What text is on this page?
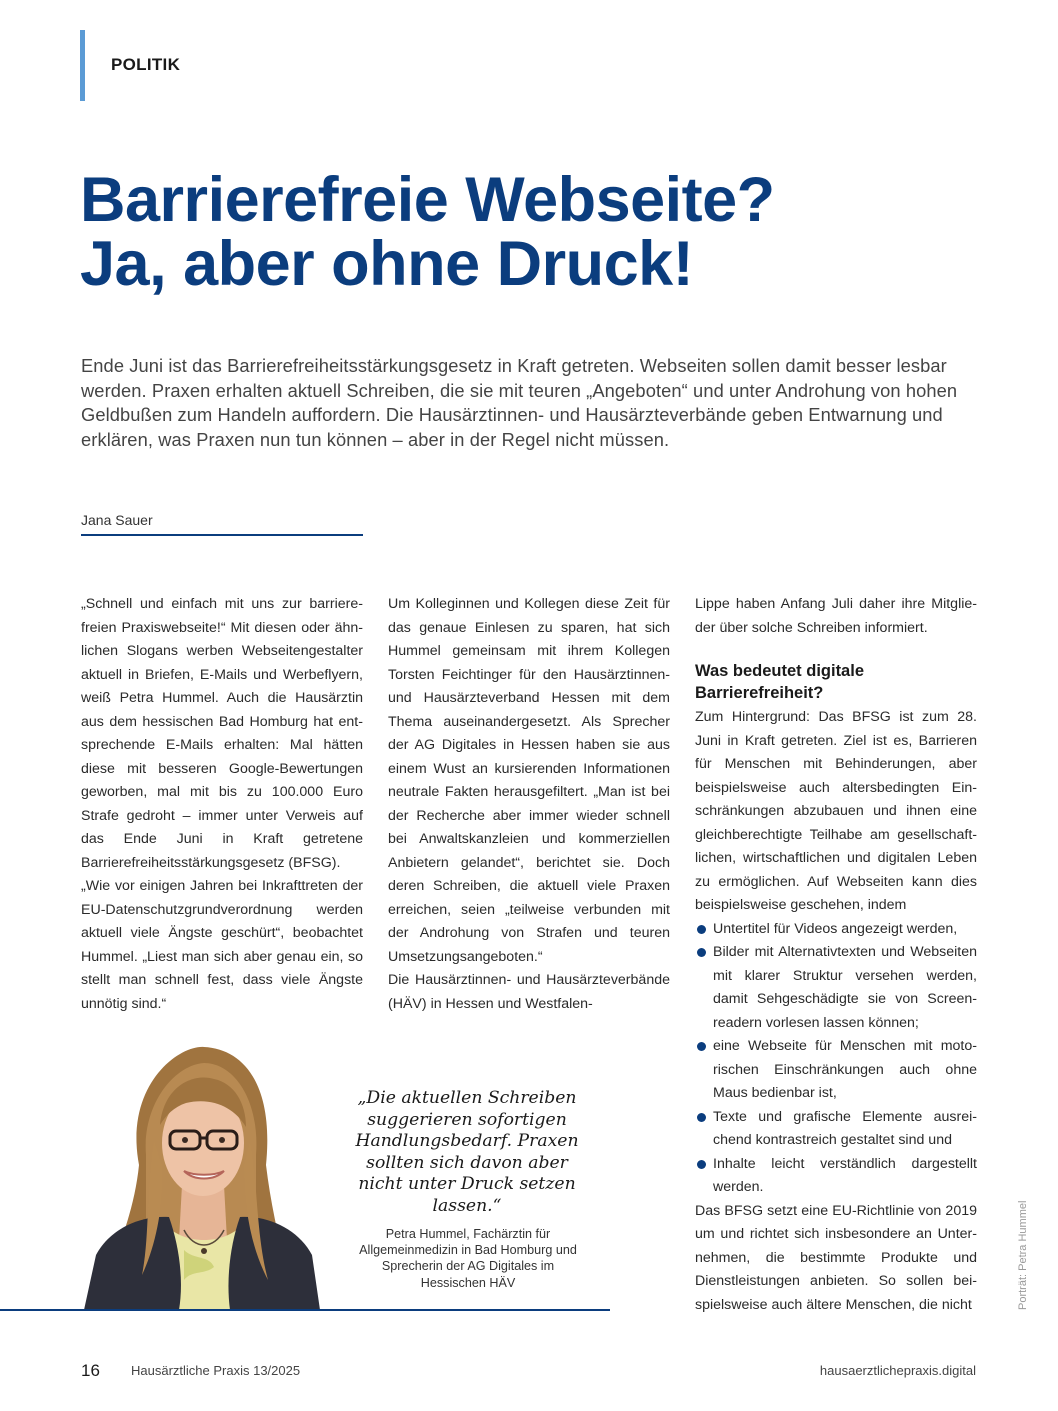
POLITIK

Barrierefreie Webseite?
Ja, aber ohne Druck!

Ende Juni ist das Barrierefreiheitsstärkungsgesetz in Kraft getreten. Webseiten sollen damit besser lesbar werden. Praxen erhalten aktuell Schreiben, die sie mit teuren „Angeboten“ und unter Androhung von hohen Geldbußen zum Handeln auffordern. Die Hausärztinnen- und Hausärzteverbände geben Entwarnung und erklären, was Praxen nun tun können – aber in der Regel nicht müssen.

Jana Sauer

„Schnell und einfach mit uns zur barrierefreien Praxiswebseite!“ Mit diesen oder ähnlichen Slogans werben Webseitengestalter aktuell in Briefen, E-Mails und Werbeflyern, weiß Petra Hummel. Auch die Hausärztin aus dem hessischen Bad Homburg hat entsprechende E-Mails erhalten: Mal hätten diese mit besseren Google-Bewertungen geworben, mal mit bis zu 100.000 Euro Strafe gedroht – immer unter Verweis auf das Ende Juni in Kraft getretene Barrierefreiheitsstärkungsgesetz (BFSG).

„Wie vor einigen Jahren bei Inkrafttreten der EU-Datenschutzgrundverordnung werden aktuell viele Ängste geschürt“, beobachtet Hummel. „Liest man sich aber genau ein, so stellt man schnell fest, dass viele Ängste unnötig sind.“

Um Kolleginnen und Kollegen diese Zeit für das genaue Einlesen zu sparen, hat sich Hummel gemeinsam mit ihrem Kollegen Torsten Feichtinger für den Hausärztinnen- und Hausärzteverband Hessen mit dem Thema auseinandergesetzt. Als Sprecher der AG Digitales in Hessen haben sie aus einem Wust an kursierenden Informationen neutrale Fakten herausgefiltert. „Man ist bei der Recherche aber immer wieder schnell bei Anwaltskanzleien und kommerziellen Anbietern gelandet“, berichtet sie. Doch deren Schreiben, die aktuell viele Praxen erreichen, seien „teilweise verbunden mit der Androhung von Strafen und teuren Umsetzungsangeboten.“

Die Hausärztinnen- und Hausärzteverbände (HÄV) in Hessen und Westfalen-

Lippe haben Anfang Juli daher ihre Mitglieder über solche Schreiben informiert.

Was bedeutet digitale Barrierefreiheit?

Zum Hintergrund: Das BFSG ist zum 28. Juni in Kraft getreten. Ziel ist es, Barrieren für Menschen mit Behinderungen, aber beispielsweise auch altersbedingten Einschränkungen abzubauen und ihnen eine gleichberechtigte Teilhabe am gesellschaftlichen, wirtschaftlichen und digitalen Leben zu ermöglichen. Auf Webseiten kann dies beispielsweise geschehen, indem

Untertitel für Videos angezeigt werden,
Bilder mit Alternativtexten und Webseiten mit klarer Struktur versehen werden, damit Sehgeschädigte sie von Screenreadern vorlesen lassen können;
eine Webseite für Menschen mit motorischen Einschränkungen auch ohne Maus bedienbar ist,
Texte und grafische Elemente ausreichend kontrastreich gestaltet sind und
Inhalte leicht verständlich dargestellt werden.

Das BFSG setzt eine EU-Richtlinie von 2019 um und richtet sich insbesondere an Unternehmen, die bestimmte Produkte und Dienstleistungen anbieten. So sollen beispielsweise auch ältere Menschen, die nicht

„Die aktuellen Schreiben suggerieren sofortigen Handlungsbedarf. Praxen sollten sich davon aber nicht unter Druck setzen lassen.“

Petra Hummel, Fachärztin für Allgemeinmedizin in Bad Homburg und Sprecherin der AG Digitales im Hessischen HÄV	Porträt: Petra Hummel

16 Hausärztliche Praxis 13/2025	hausaerztlichepraxis.digital
